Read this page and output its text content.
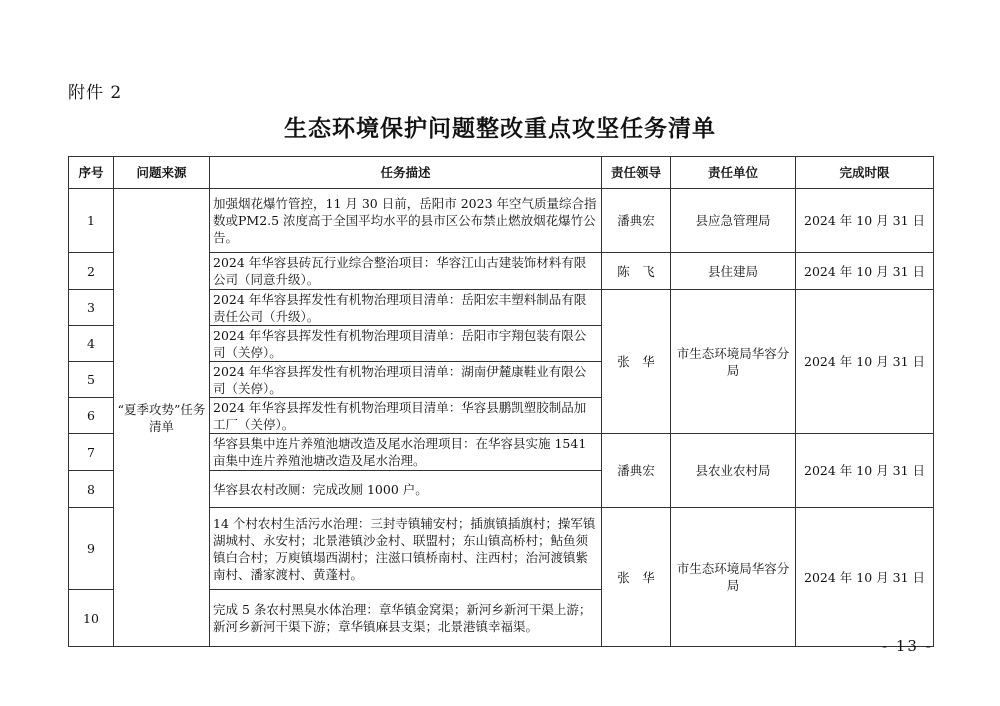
附件 2
生态环境保护问题整改重点攻坚任务清单
序号	问题来源	任务描述	责任领导	责任单位	完成时限
1	“夏季攻势”任务清单	加强烟花爆竹管控，11 月 30 日前，岳阳市 2023 年空气质量综合指数或PM2.5 浓度高于全国平均水平的县市区公布禁止燃放烟花爆竹公告。	潘典宏	县应急管理局	2024 年 10 月 31 日
2		2024 年华容县砖瓦行业综合整治项目：华容江山古建装饰材料有限公司（同意升级）。	陈　飞	县住建局	2024 年 10 月 31 日
3		2024 年华容县挥发性有机物治理项目清单：岳阳宏丰塑料制品有限责任公司（升级）。	张　华	市生态环境局华容分局	2024 年 10 月 31 日
4		2024 年华容县挥发性有机物治理项目清单：岳阳市宇翔包装有限公司（关停）。			
5		2024 年华容县挥发性有机物治理项目清单：湖南伊麓康鞋业有限公司（关停）。			
6		2024 年华容县挥发性有机物治理项目清单：华容县鹏凯塑胶制品加工厂（关停）。			
7		华容县集中连片养殖池塘改造及尾水治理项目：在华容县实施 1541 亩集中连片养殖池塘改造及尾水治理。	潘典宏	县农业农村局	2024 年 10 月 31 日
8		华容县农村改厕：完成改厕 1000 户。			
9		14 个村农村生活污水治理：三封寺镇辅安村；插旗镇插旗村；操军镇湖城村、永安村；北景港镇沙金村、联盟村；东山镇高桥村；鲇鱼须镇白合村；万庾镇塌西湖村；注滋口镇桥南村、注西村；治河渡镇紫南村、潘家渡村、黄蓬村。	张　华	市生态环境局华容分局	2024 年 10 月 31 日
10		完成 5 条农村黑臭水体治理：章华镇金窝渠；新河乡新河干渠上游；新河乡新河干渠下游；章华镇麻县支渠；北景港镇幸福渠。			
- 13 -
